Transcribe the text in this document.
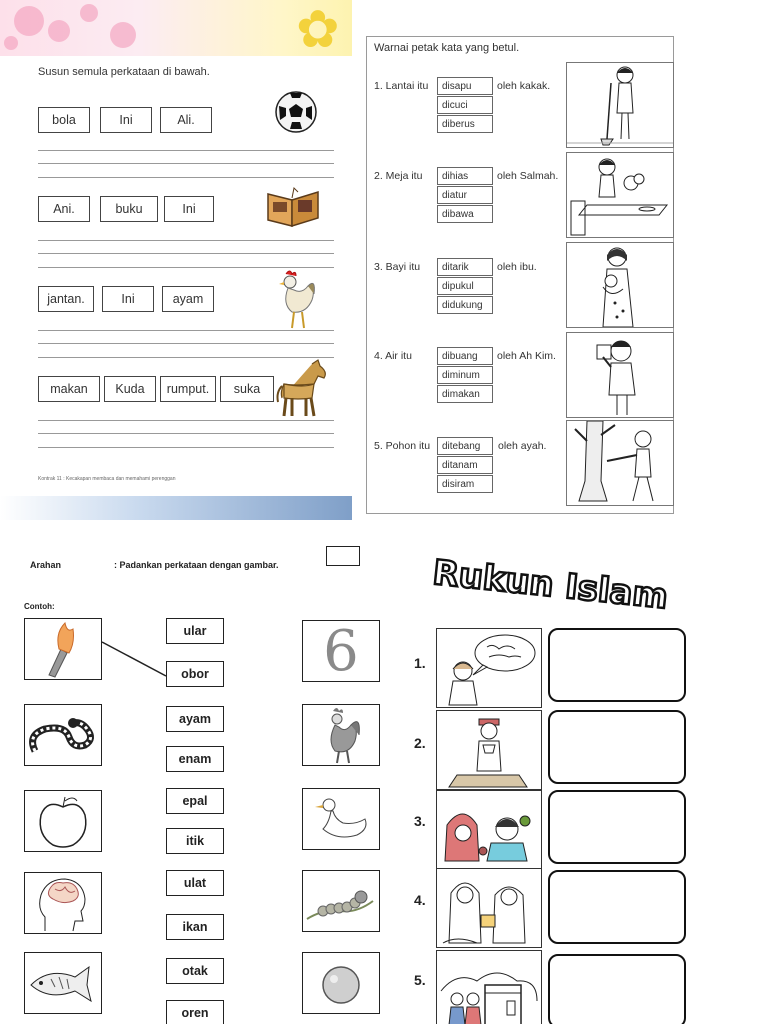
✿
Susun semula perkataan di bawah.
bola	Ini	Ali.
Ani.	buku	Ini
jantan.	Ini	ayam
makan	Kuda	rumput.	suka
Kontrak 11 : Kecakapan membaca dan memahami perenggan
Warnai petak kata yang betul.
1. Lantai itu	disapu
dicuci
diberus
oleh kakak.
2. Meja itu	dihias
diatur
dibawa
oleh Salmah.
3. Bayi itu	ditarik
dipukul
didukung
oleh ibu.
4. Air itu	dibuang
diminum
dimakan
oleh Ah Kim.
5. Pohon itu	ditebang
ditanam
disiram
oleh ayah.
Arahan	: Padankan perkataan dengan gambar.
Contoh:
ular
obor
ayam
enam
epal
itik
ulat
ikan
otak
oren
6
Rukun Islam
1.
2.
3.
4.
5.
